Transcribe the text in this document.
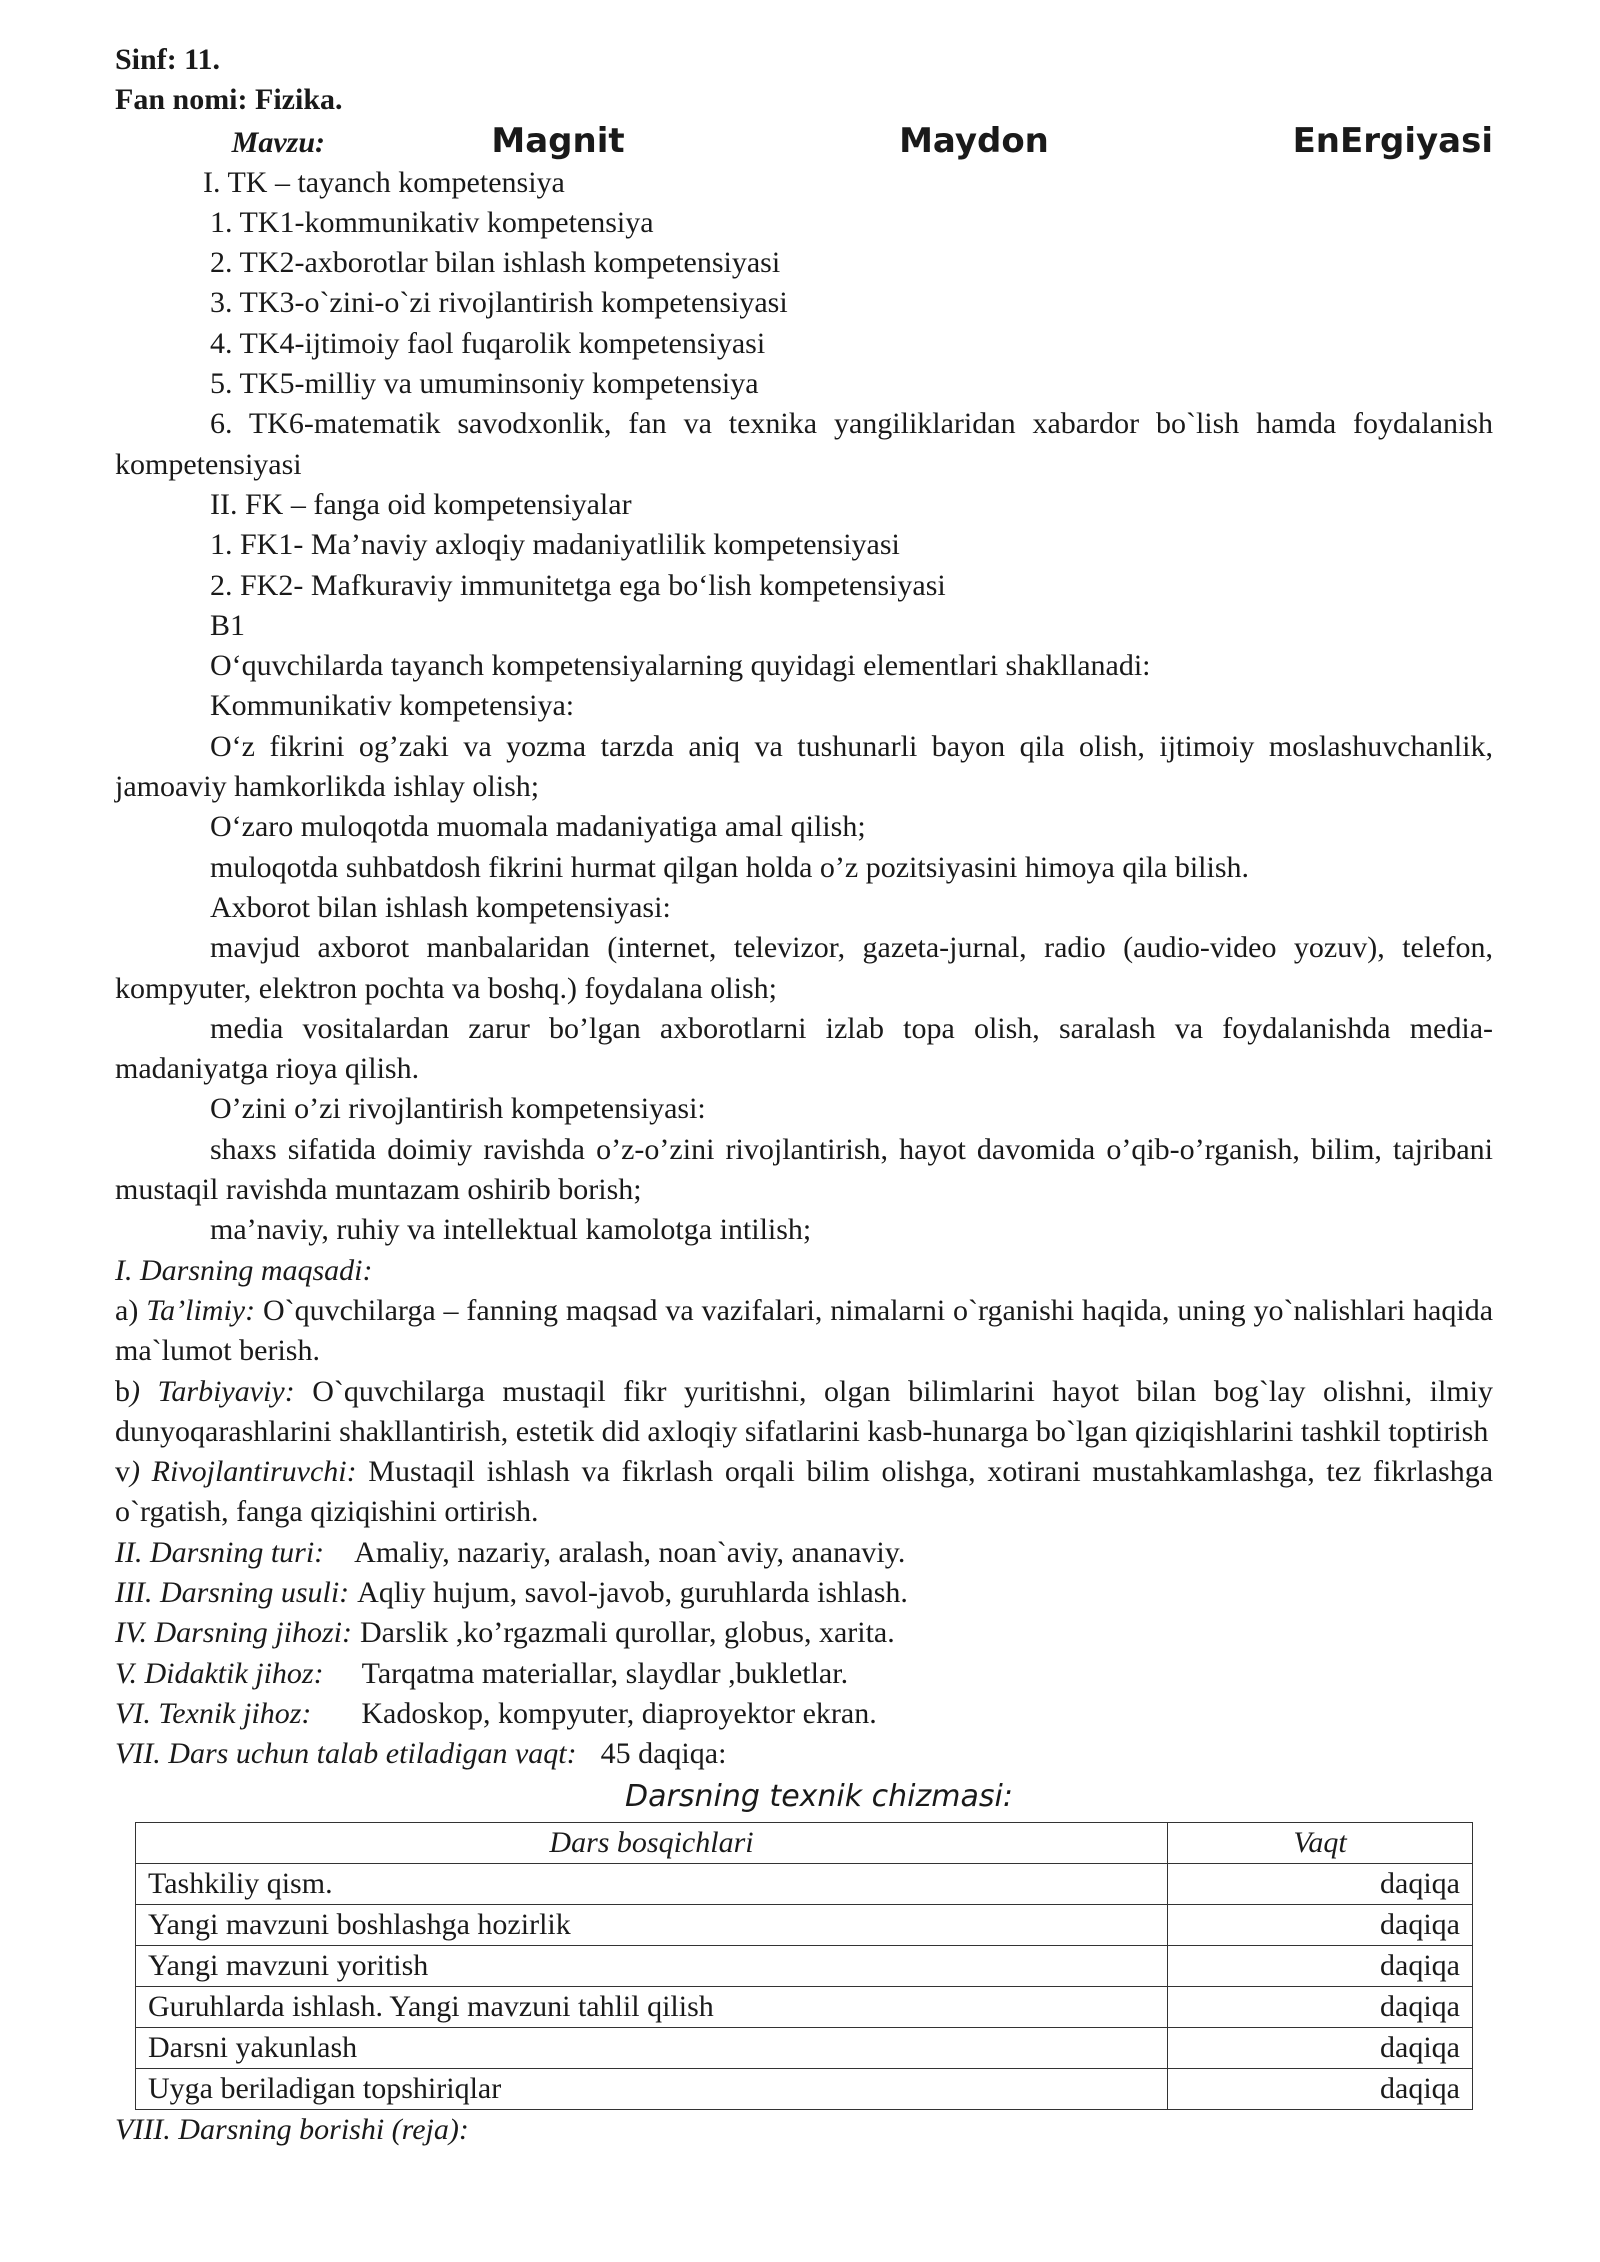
Sinf: 11.

Fan nomi: Fizika.

Mavzu:	Magnit	Maydon	EnErgiyasi

I. TK – tayanch kompetensiya

1. TK1-kommunikativ kompetensiya

2. TK2-axborotlar bilan ishlash kompetensiyasi

3. TK3-o`zini-o`zi rivojlantirish kompetensiyasi

4. TK4-ijtimoiy faol fuqarolik kompetensiyasi

5. TK5-milliy va umuminsoniy kompetensiya

6. TK6-matematik savodxonlik, fan va texnika yangiliklaridan xabardor bo`lish hamda foydalanish kompetensiyasi

II. FK – fanga oid kompetensiyalar

1. FK1- Ma’naviy axloqiy madaniyatlilik kompetensiyasi

2. FK2- Mafkuraviy immunitetga ega bo‘lish kompetensiyasi

B1

O‘quvchilarda tayanch kompetensiyalarning quyidagi elementlari shakllanadi:

Kommunikativ kompetensiya:

O‘z fikrini og’zaki va yozma tarzda aniq va tushunarli bayon qila olish, ijtimoiy moslashuvchanlik, jamoaviy hamkorlikda ishlay olish;

O‘zaro muloqotda muomala madaniyatiga amal qilish;

muloqotda suhbatdosh fikrini hurmat qilgan holda o’z pozitsiyasini himoya qila bilish.

Axborot bilan ishlash kompetensiyasi:

mavjud axborot manbalaridan (internet, televizor, gazeta-jurnal, radio (audio-video yozuv), telefon, kompyuter, elektron pochta va boshq.) foydalana olish;

media vositalardan zarur bo’lgan axborotlarni izlab topa olish, saralash va foydalanishda media-madaniyatga rioya qilish.

O’zini o’zi rivojlantirish kompetensiyasi:

shaxs sifatida doimiy ravishda o’z-o’zini rivojlantirish, hayot davomida o’qib-o’rganish, bilim, tajribani mustaqil ravishda muntazam oshirib borish;

ma’naviy, ruhiy va intellektual kamolotga intilish;

I. Darsning maqsadi:

a) Ta’limiy: O`quvchilarga – fanning maqsad va vazifalari, nimalarni o`rganishi haqida, uning yo`nalishlari haqida ma`lumot berish.

b) Tarbiyaviy: O`quvchilarga mustaqil fikr yuritishni, olgan bilimlarini hayot bilan bog`lay olishni, ilmiy dunyoqarashlarini shakllantirish, estetik did axloqiy sifatlarini kasb-hunarga bo`lgan qiziqishlarini tashkil toptirish

v) Rivojlantiruvchi: Mustaqil ishlash va fikrlash orqali bilim olishga, xotirani mustahkamlashga, tez fikrlashga o`rgatish, fanga qiziqishini ortirish.

II. Darsning turi: Amaliy, nazariy, aralash, noan`aviy, ananaviy.

III. Darsning usuli: Aqliy hujum, savol-javob, guruhlarda ishlash.

IV. Darsning jihozi: Darslik ,ko’rgazmali qurollar, globus, xarita.

V. Didaktik jihoz: Tarqatma materiallar, slaydlar ,bukletlar.

VI. Texnik jihoz: Kadoskop, kompyuter, diaproyektor ekran.

VII. Dars uchun talab etiladigan vaqt: 45 daqiqa:

Darsning texnik chizmasi:
Dars bosqichlari	Vaqt
Tashkiliy qism.	daqiqa
Yangi mavzuni boshlashga hozirlik	daqiqa
Yangi mavzuni yoritish	daqiqa
Guruhlarda ishlash. Yangi mavzuni tahlil qilish	daqiqa
Darsni yakunlash	daqiqa
Uyga beriladigan topshiriqlar	daqiqa

VIII. Darsning borishi (reja):
